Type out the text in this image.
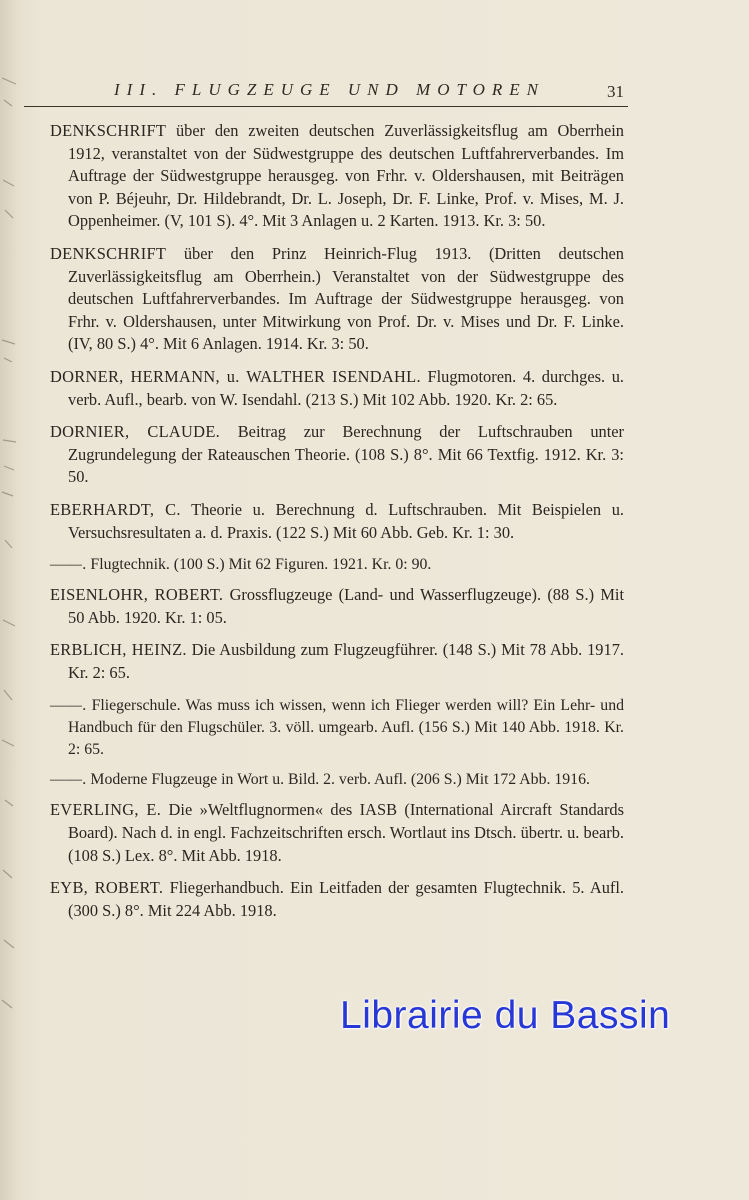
III. FLUGZEUGE UND MOTOREN	31

DENKSCHRIFT über den zweiten deutschen Zuverlässigkeitsflug am Oberrhein 1912, veranstaltet von der Südwestgruppe des deutschen Luftfahrerverbandes. Im Auftrage der Südwestgruppe herausgeg. von Frhr. v. Oldershausen, mit Beiträgen von P. Béjeuhr, Dr. Hildebrandt, Dr. L. Joseph, Dr. F. Linke, Prof. v. Mises, M. J. Oppenheimer. (V, 101 S). 4°. Mit 3 Anlagen u. 2 Karten. 1913. Kr. 3: 50.

DENKSCHRIFT über den Prinz Heinrich-Flug 1913. (Dritten deutschen Zuverlässigkeitsflug am Oberrhein.) Veranstaltet von der Südwestgruppe des deutschen Luftfahrerverbandes. Im Auftrage der Südwestgruppe herausgeg. von Frhr. v. Oldershausen, unter Mitwirkung von Prof. Dr. v. Mises und Dr. F. Linke. (IV, 80 S.) 4°. Mit 6 Anlagen. 1914. Kr. 3: 50.

DORNER, HERMANN, u. WALTHER ISENDAHL. Flugmotoren. 4. durchges. u. verb. Aufl., bearb. von W. Isendahl. (213 S.) Mit 102 Abb. 1920. Kr. 2: 65.

DORNIER, CLAUDE. Beitrag zur Berechnung der Luftschrauben unter Zugrundelegung der Rateauschen Theorie. (108 S.) 8°. Mit 66 Textfig. 1912. Kr. 3: 50.

EBERHARDT, C. Theorie u. Berechnung d. Luftschrauben. Mit Beispielen u. Versuchsresultaten a. d. Praxis. (122 S.) Mit 60 Abb. Geb. Kr. 1: 30.

——. Flugtechnik. (100 S.) Mit 62 Figuren. 1921. Kr. 0: 90.

EISENLOHR, ROBERT. Grossflugzeuge (Land- und Wasserflugzeuge). (88 S.) Mit 50 Abb. 1920. Kr. 1: 05.

ERBLICH, HEINZ. Die Ausbildung zum Flugzeugführer. (148 S.) Mit 78 Abb. 1917. Kr. 2: 65.

——. Fliegerschule. Was muss ich wissen, wenn ich Flieger werden will? Ein Lehr- und Handbuch für den Flugschüler. 3. völl. umgearb. Aufl. (156 S.) Mit 140 Abb. 1918. Kr. 2: 65.

——. Moderne Flugzeuge in Wort u. Bild. 2. verb. Aufl. (206 S.) Mit 172 Abb. 1916.

EVERLING, E. Die »Weltflugnormen« des IASB (International Aircraft Standards Board). Nach d. in engl. Fachzeitschriften ersch. Wortlaut ins Dtsch. übertr. u. bearb. (108 S.) Lex. 8°. Mit Abb. 1918.

EYB, ROBERT. Fliegerhandbuch. Ein Leitfaden der gesamten Flugtechnik. 5. Aufl. (300 S.) 8°. Mit 224 Abb. 1918.

Librairie du Bassin
